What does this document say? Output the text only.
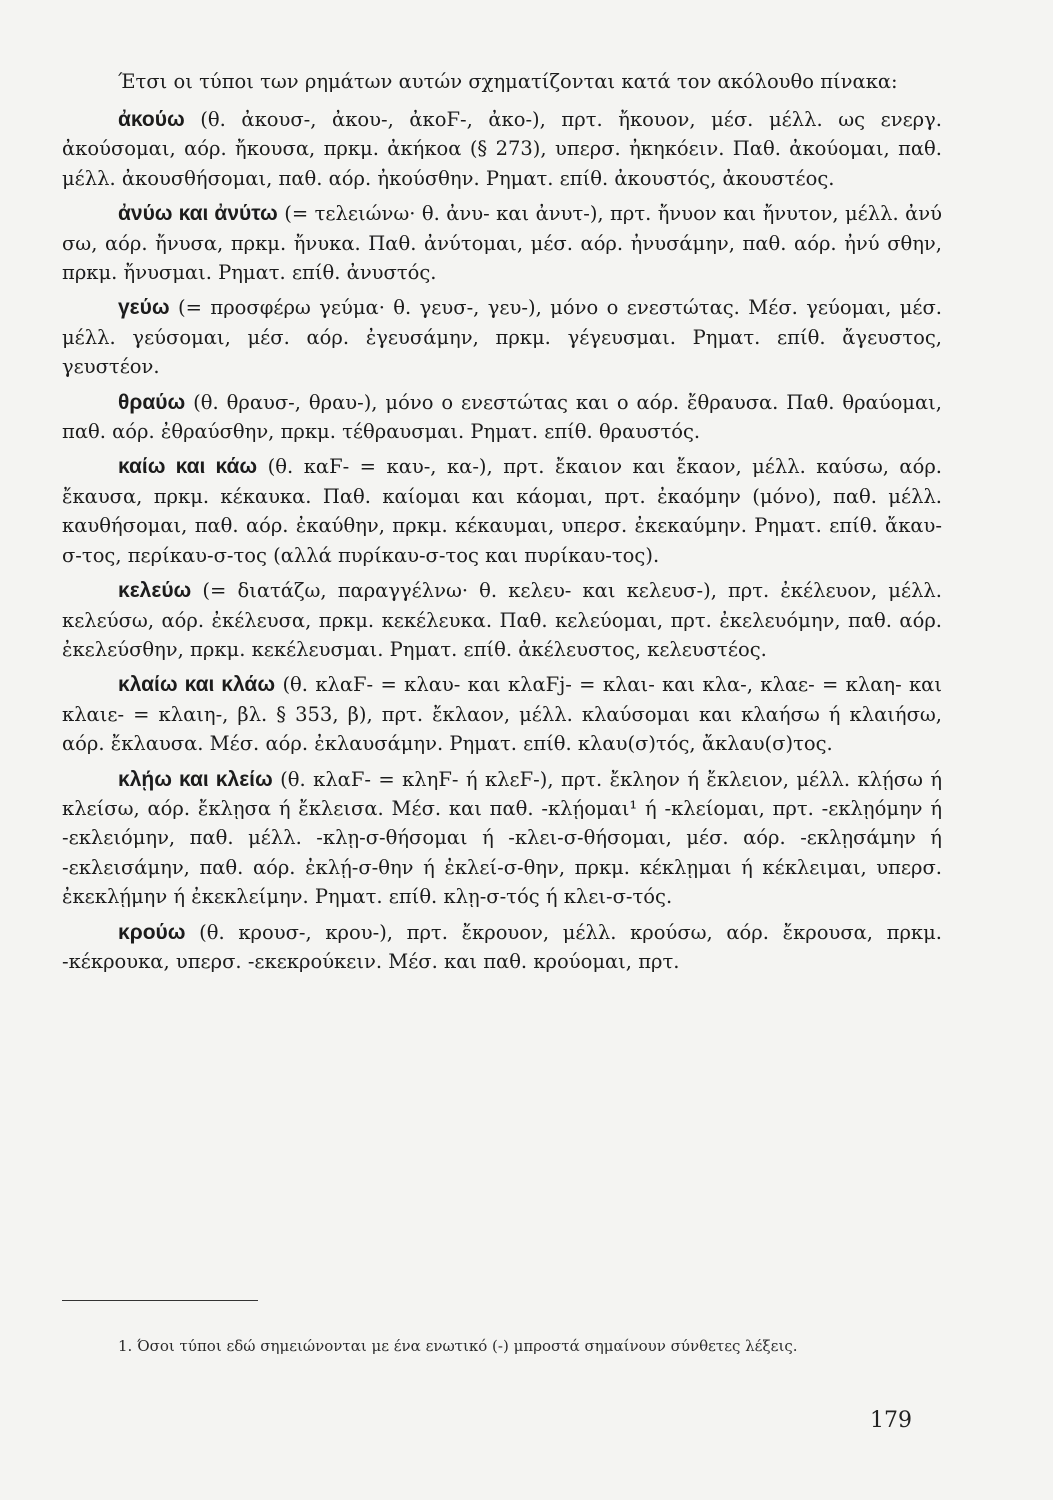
Έτσι οι τύποι των ρημάτων αυτών σχηματίζονται κατά τον ακόλουθο πίνακα:

ἀκούω (θ. ἀκουσ-, ἀκου-, ἀκοϜ-, ἀκο-), πρτ. ἤκουον, μέσ. μέλλ. ως ενεργ. ἀκούσομαι, αόρ. ἤκουσα, πρκμ. ἀκήκοα (§ 273), υπερσ. ἠκηκόειν. Παθ. ἀκούομαι, παθ. μέλλ. ἀκουσθήσομαι, παθ. αόρ. ἠκούσθην. Ρηματ. επίθ. ἀκουστός, ἀκουστέος.

ἀνύω και ἀνύτω (= τελειώνω· θ. ἀνυ- και ἀνυτ-), πρτ. ἤνυον και ἤνυτον, μέλλ. ἀνύ σω, αόρ. ἤνυσα, πρκμ. ἤνυκα. Παθ. ἀνύτομαι, μέσ. αόρ. ἠνυσάμην, παθ. αόρ. ἠνύ σθην, πρκμ. ἤνυσμαι. Ρηματ. επίθ. ἀνυστός.

γεύω (= προσφέρω γεύμα· θ. γευσ-, γευ-), μόνο ο ενεστώτας. Μέσ. γεύομαι, μέσ. μέλλ. γεύσομαι, μέσ. αόρ. ἐγευσάμην, πρκμ. γέγευσμαι. Ρηματ. επίθ. ἄγευστος, γευστέον.

θραύω (θ. θραυσ-, θραυ-), μόνο ο ενεστώτας και ο αόρ. ἔθραυσα. Παθ. θραύομαι, παθ. αόρ. ἐθραύσθην, πρκμ. τέθραυσμαι. Ρηματ. επίθ. θραυστός.

καίω και κάω (θ. καϜ- = καυ-, κα-), πρτ. ἔκαιον και ἔκαον, μέλλ. καύσω, αόρ. ἔκαυσα, πρκμ. κέκαυκα. Παθ. καίομαι και κάομαι, πρτ. ἐκαόμην (μόνο), παθ. μέλλ. καυθήσομαι, παθ. αόρ. ἐκαύθην, πρκμ. κέκαυμαι, υπερσ. ἐκεκαύμην. Ρηματ. επίθ. ἄκαυ-σ-τος, περίκαυ-σ-τος (αλλά πυρίκαυ-σ-τος και πυρίκαυ-τος).

κελεύω (= διατάζω, παραγγέλνω· θ. κελευ- και κελευσ-), πρτ. ἐκέλευον, μέλλ. κελεύσω, αόρ. ἐκέλευσα, πρκμ. κεκέλευκα. Παθ. κελεύομαι, πρτ. ἐκελευόμην, παθ. αόρ. ἐκελεύσθην, πρκμ. κεκέλευσμαι. Ρηματ. επίθ. ἀκέλευστος, κελευστέος.

κλαίω και κλάω (θ. κλαϜ- = κλαυ- και κλαϜj- = κλαι- και κλα-, κλαε- = κλαη- και κλαιε- = κλαιη-, βλ. § 353, β), πρτ. ἔκλαον, μέλλ. κλαύσομαι και κλαήσω ή κλαιήσω, αόρ. ἔκλαυσα. Μέσ. αόρ. ἐκλαυσάμην. Ρηματ. επίθ. κλαυ(σ)τός, ἄκλαυ(σ)τος.

κλῄω και κλείω (θ. κλαϜ- = κληϜ- ή κλεϜ-), πρτ. ἔκληον ή ἔκλειον, μέλλ. κλῄσω ή κλείσω, αόρ. ἔκλῃσα ή ἔκλεισα. Μέσ. και παθ. -κλῄομαι¹ ή -κλείομαι, πρτ. -εκλῃόμην ή -εκλειόμην, παθ. μέλλ. -κλῃ-σ-θήσομαι ή -κλει-σ-θήσομαι, μέσ. αόρ. -εκλῃσάμην ή -εκλεισάμην, παθ. αόρ. ἐκλῄ-σ-θην ή ἐκλεί-σ-θην, πρκμ. κέκλῃμαι ή κέκλειμαι, υπερσ. ἐκεκλῄμην ή ἐκεκλείμην. Ρηματ. επίθ. κλῃ-σ-τός ή κλει-σ-τός.

κρούω (θ. κρουσ-, κρου-), πρτ. ἔκρουον, μέλλ. κρούσω, αόρ. ἔκρουσα, πρκμ. -κέκρουκα, υπερσ. -εκεκρούκειν. Μέσ. και παθ. κρούομαι, πρτ.

1. Όσοι τύποι εδώ σημειώνονται με ένα ενωτικό (-) μπροστά σημαίνουν σύνθετες λέξεις.

179
